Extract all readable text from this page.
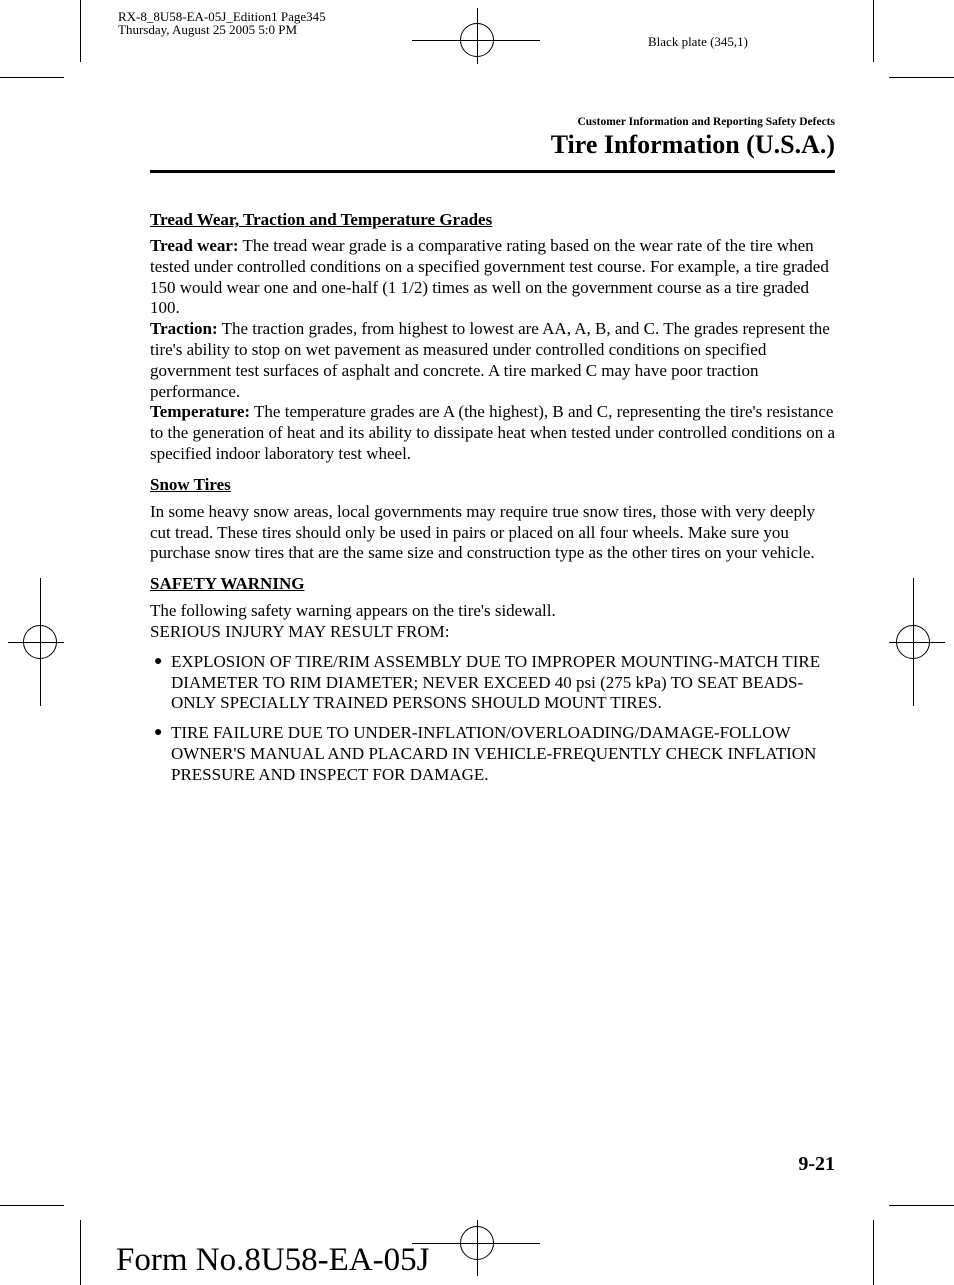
RX-8_8U58-EA-05J_Edition1 Page345
Thursday, August 25 2005 5:0 PM
Black plate (345,1)
Customer Information and Reporting Safety Defects
Tire Information (U.S.A.)
Tread Wear, Traction and Temperature Grades
Tread wear: The tread wear grade is a comparative rating based on the wear rate of the tire when tested under controlled conditions on a specified government test course. For example, a tire graded 150 would wear one and one-half (1 1/2) times as well on the government course as a tire graded 100.
Traction: The traction grades, from highest to lowest are AA, A, B, and C. The grades represent the tire's ability to stop on wet pavement as measured under controlled conditions on specified government test surfaces of asphalt and concrete. A tire marked C may have poor traction performance.
Temperature: The temperature grades are A (the highest), B and C, representing the tire's resistance to the generation of heat and its ability to dissipate heat when tested under controlled conditions on a specified indoor laboratory test wheel.
Snow Tires
In some heavy snow areas, local governments may require true snow tires, those with very deeply cut tread. These tires should only be used in pairs or placed on all four wheels. Make sure you purchase snow tires that are the same size and construction type as the other tires on your vehicle.
SAFETY WARNING
The following safety warning appears on the tire's sidewall.
SERIOUS INJURY MAY RESULT FROM:
● EXPLOSION OF TIRE/RIM ASSEMBLY DUE TO IMPROPER MOUNTING-MATCH TIRE DIAMETER TO RIM DIAMETER; NEVER EXCEED 40 psi (275 kPa) TO SEAT BEADS-ONLY SPECIALLY TRAINED PERSONS SHOULD MOUNT TIRES.
● TIRE FAILURE DUE TO UNDER-INFLATION/OVERLOADING/DAMAGE-FOLLOW OWNER'S MANUAL AND PLACARD IN VEHICLE-FREQUENTLY CHECK INFLATION PRESSURE AND INSPECT FOR DAMAGE.
9-21
Form No.8U58-EA-05J
